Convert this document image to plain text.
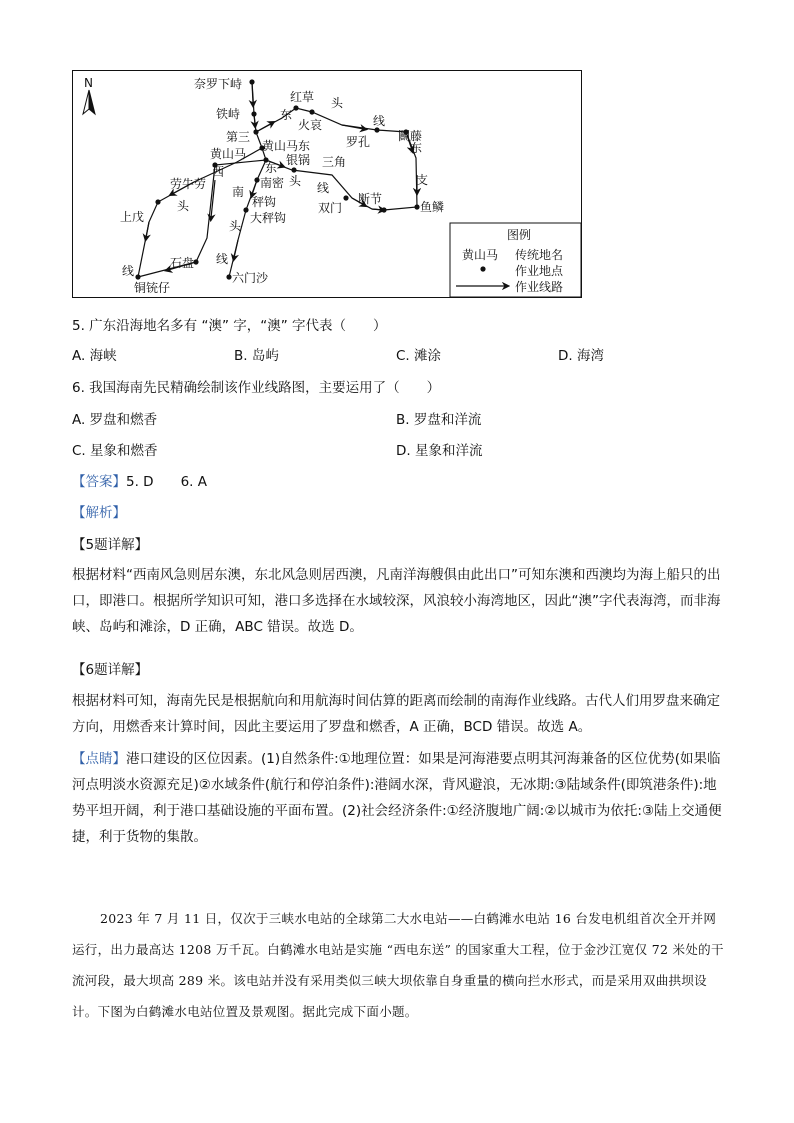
N	奈罗下峙
铁峙
红草
火哀
第三
黄山马东
黄山马	银锅 三角
罗孔 鬭藤
劳牛劳	南密
秤钩
大秤钩
双门
断节
鱼鳞
上戊
石盘
铜铳仔
六门沙
东
头
线
东
支
西	东
南
头 线
头
线
头
线
图例
黄山马 传统地名
作业地点
作业线路
5. 广东沿海地名多有 “澳” 字，“澳” 字代表（　　）
A. 海峡	B. 岛屿	C. 滩涂	D. 海湾
6. 我国海南先民精确绘制该作业线路图，主要运用了（　　）
A. 罗盘和燃香	B. 罗盘和洋流
C. 星象和燃香	D. 星象和洋流
【答案】5. D　　6. A
【解析】
【5题详解】
根据材料“西南风急则居东澳，东北风急则居西澳，凡南洋海艘俱由此出口”可知东澳和西澳均为海上船只的出口，即港口。根据所学知识可知，港口多选择在水域较深，风浪较小海湾地区，因此“澳”字代表海湾，而非海峡、岛屿和滩涂，D 正确，ABC 错误。故选 D。
【6题详解】
根据材料可知，海南先民是根据航向和用航海时间估算的距离而绘制的南海作业线路。古代人们用罗盘来确定方向，用燃香来计算时间，因此主要运用了罗盘和燃香，A 正确，BCD 错误。故选 A。
【点睛】港口建设的区位因素。(1)自然条件:①地理位置：如果是河海港要点明其河海兼备的区位优势(如果临河点明淡水资源充足)②水域条件(航行和停泊条件):港阔水深，背风避浪，无冰期:③陆域条件(即筑港条件):地势平坦开阔，利于港口基础设施的平面布置。(2)社会经济条件:①经济腹地广阔:②以城市为依托:③陆上交通便捷，利于货物的集散。
2023 年 7 月 11 日，仅次于三峡水电站的全球第二大水电站——白鹤滩水电站 16 台发电机组首次全开并网运行，出力最高达 1208 万千瓦。白鹤滩水电站是实施 “西电东送” 的国家重大工程，位于金沙江宽仅 72 米处的干流河段，最大坝高 289 米。该电站并没有采用类似三峡大坝依靠自身重量的横向拦水形式，而是采用双曲拱坝设计。下图为白鹤滩水电站位置及景观图。据此完成下面小题。
